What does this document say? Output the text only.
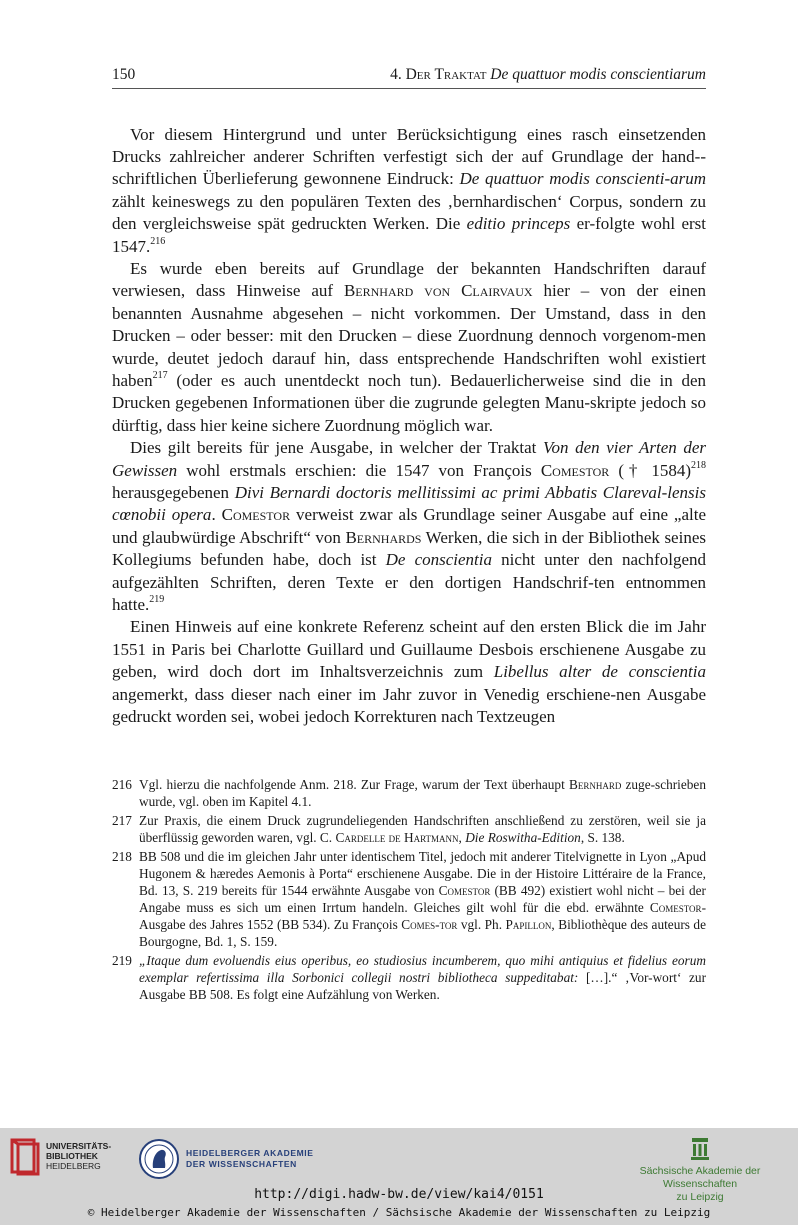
150	4. Der Traktat De quattuor modis conscientiarum

Vor diesem Hintergrund und unter Berücksichtigung eines rasch einsetzenden Drucks zahlreicher anderer Schriften verfestigt sich der auf Grundlage der hand-schriftlichen Überlieferung gewonnene Eindruck: De quattuor modis conscienti-arum zählt keineswegs zu den populären Texten des ‚bernhardischen‘ Corpus, sondern zu den vergleichsweise spät gedruckten Werken. Die editio princeps er-folgte wohl erst 1547.$^{216}$

Es wurde eben bereits auf Grundlage der bekannten Handschriften darauf verwiesen, dass Hinweise auf Bernhard von Clairvaux hier – von der einen benannten Ausnahme abgesehen – nicht vorkommen. Der Umstand, dass in den Drucken – oder besser: mit den Drucken – diese Zuordnung dennoch vorgenom-men wurde, deutet jedoch darauf hin, dass entsprechende Handschriften wohl existiert haben$^{217}$ (oder es auch unentdeckt noch tun). Bedauerlicherweise sind die in den Drucken gegebenen Informationen über die zugrunde gelegten Manu-skripte jedoch so dürftig, dass hier keine sichere Zuordnung möglich war.

Dies gilt bereits für jene Ausgabe, in welcher der Traktat Von den vier Arten der Gewissen wohl erstmals erschien: die 1547 von François Comestor († 1584)$^{218}$ herausgegebenen Divi Bernardi doctoris mellitissimi ac primi Abbatis Clareval-lensis cœnobii opera. Comestor verweist zwar als Grundlage seiner Ausgabe auf eine „alte und glaubwürdige Abschrift“ von Bernhards Werken, die sich in der Bibliothek seines Kollegiums befunden habe, doch ist De conscientia nicht unter den nachfolgend aufgezählten Schriften, deren Texte er den dortigen Handschrif-ten entnommen hatte.$^{219}$

Einen Hinweis auf eine konkrete Referenz scheint auf den ersten Blick die im Jahr 1551 in Paris bei Charlotte Guillard und Guillaume Desbois erschienene Ausgabe zu geben, wird doch dort im Inhaltsverzeichnis zum Libellus alter de conscientia angemerkt, dass dieser nach einer im Jahr zuvor in Venedig erschiene-nen Ausgabe gedruckt worden sei, wobei jedoch Korrekturen nach Textzeugen

216 Vgl. hierzu die nachfolgende Anm. 218. Zur Frage, warum der Text überhaupt Bernhard zuge-schrieben wurde, vgl. oben im Kapitel 4.1.
217 Zur Praxis, die einem Druck zugrundeliegenden Handschriften anschließend zu zerstören, weil sie ja überflüssig geworden waren, vgl. C. Cardelle de Hartmann, Die Roswitha-Edition, S. 138.
218 BB 508 und die im gleichen Jahr unter identischem Titel, jedoch mit anderer Titelvignette in Lyon „Apud Hugonem & hæredes Aemonis à Porta“ erschienene Ausgabe. Die in der Histoire Littéraire de la France, Bd. 13, S. 219 bereits für 1544 erwähnte Ausgabe von Comestor (BB 492) existiert wohl nicht – bei der Angabe muss es sich um einen Irrtum handeln. Gleiches gilt wohl für die ebd. erwähnte Comestor-Ausgabe des Jahres 1552 (BB 534). Zu François Comes-tor vgl. Ph. Papillon, Bibliothèque des auteurs de Bourgogne, Bd. 1, S. 159.
219 „Itaque dum evoluendis eius operibus, eo studiosius incumberem, quo mihi antiquius et fidelius eorum exemplar refertissima illa Sorbonici collegii nostri bibliotheca suppeditabat: […].“ ‚Vor-wort‘ zur Ausgabe BB 508. Es folgt eine Aufzählung von Werken.
UNIVERSITÄTS-
BIBLIOTHEK
HEIDELBERG
HEIDELBERGER AKADEMIE
DER WISSENSCHAFTEN
Sächsische Akademie der Wissenschaften
zu Leipzig
http://digi.hadw-bw.de/view/kai4/0151
© Heidelberger Akademie der Wissenschaften / Sächsische Akademie der Wissenschaften zu Leipzig
